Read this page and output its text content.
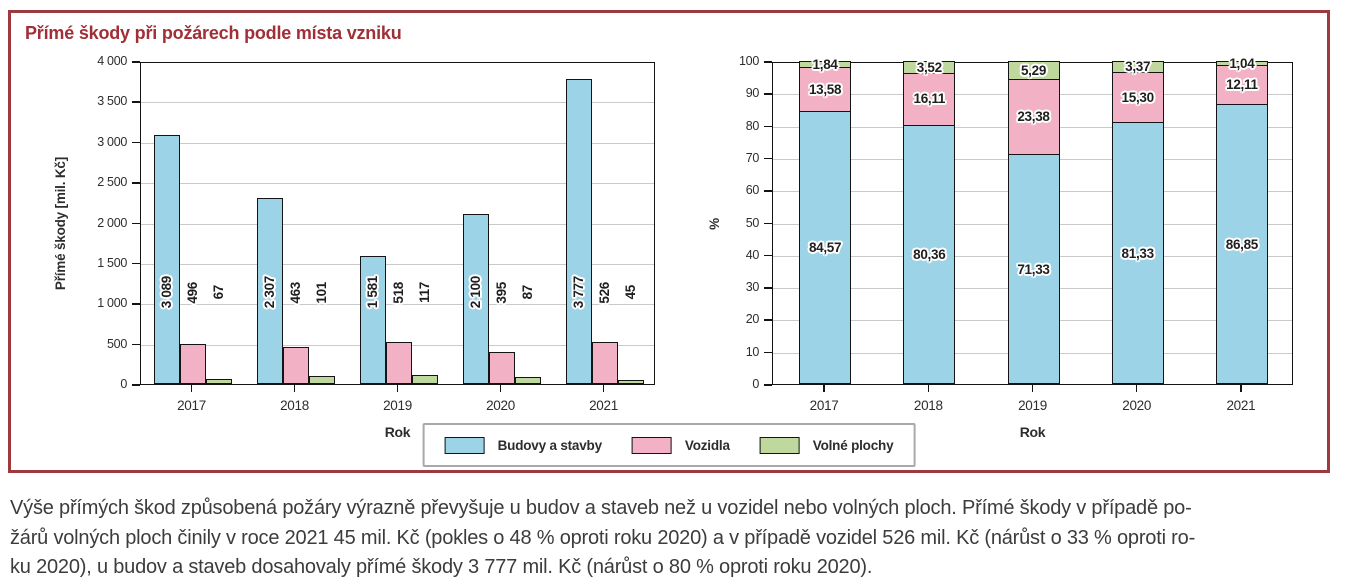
Přímé škody při požárech podle místa vzniku
Budovy a stavby	Vozidla	Volné plochy
3 089 496 67	2 307 463 101	1 581 518 117	2 100 395 87	3 777 526 45
0
500
1 000
1 500
2 000
2 500
3 000
3 500
4 000
2017	2018	2019	2020	2021
Rok
Přímé škody [mil. Kč]	84,57
13,58
1,84
80,36
16,11
3,52
71,33
23,38
5,29
81,33
15,30
3,37
86,85
12,11
1,04
0
10
20
30
40
50
60
70
80
90
100
2017	2018	2019	2020	2021
Rok
%
Výše přímých škod způsobená požáry výrazně převyšuje u budov a staveb než u vozidel nebo volných ploch. Přímé škody v případě po-
žárů volných ploch činily v roce 2021 45 mil. Kč (pokles o 48 % oproti roku 2020) a v případě vozidel 526 mil. Kč (nárůst o 33 % oproti ro-
ku 2020), u budov a staveb dosahovaly přímé škody 3 777 mil. Kč (nárůst o 80 % oproti roku 2020).
